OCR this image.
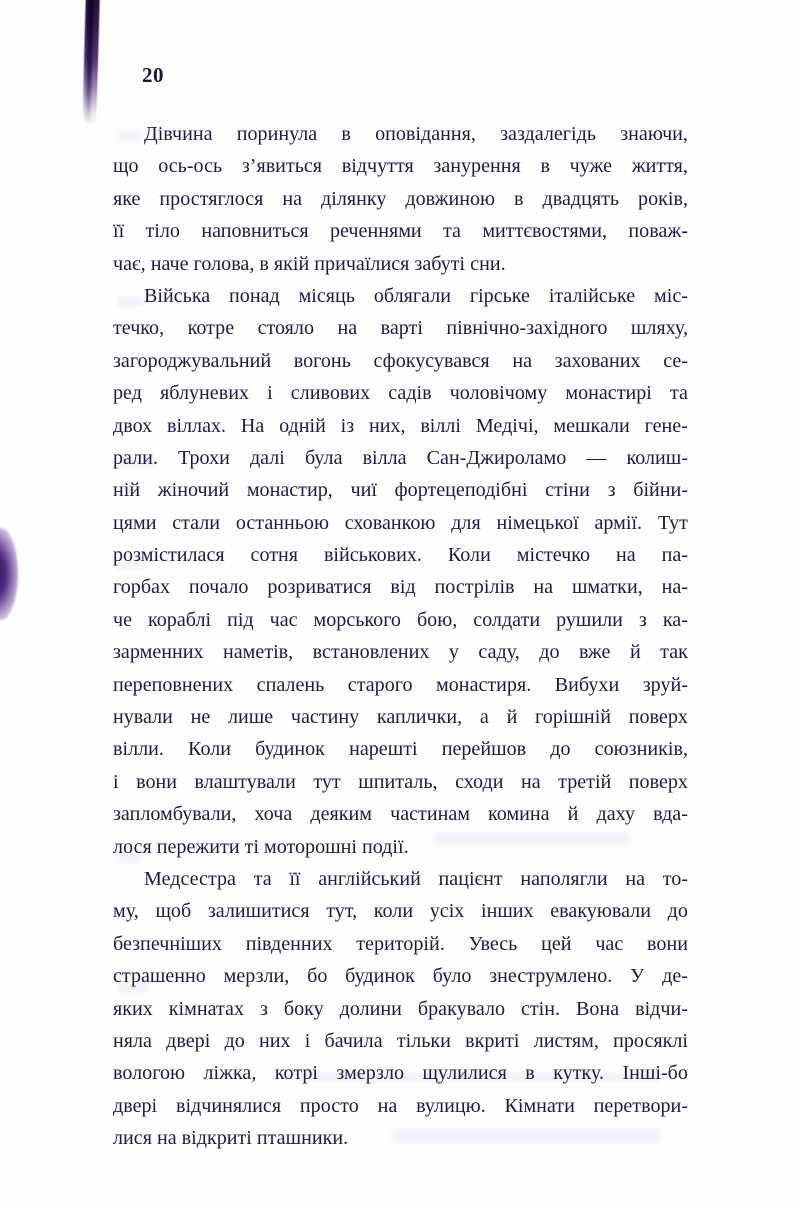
20
Дівчина поринула в оповідання, заздалегідь знаючи,
що ось-ось з’явиться відчуття занурення в чуже життя,
яке простяглося на ділянку довжиною в двадцять років,
її тіло наповниться реченнями та миттєвостями, поваж-
чає, наче голова, в якій причаїлися забуті сни.
Війська понад місяць облягали гірське італійське міс-
течко, котре стояло на варті північно-західного шляху,
загороджувальний вогонь сфокусувався на захованих се-
ред яблуневих і сливових садів чоловічому монастирі та
двох віллах. На одній із них, віллі Медічі, мешкали гене-
рали. Трохи далі була вілла Сан-Джироламо — колиш-
ній жіночий монастир, чиї фортецеподібні стіни з бійни-
цями стали останньою схованкою для німецької армії. Тут
розмістилася сотня військових. Коли містечко на па-
горбах почало розриватися від пострілів на шматки, на-
че кораблі під час морського бою, солдати рушили з ка-
зарменних наметів, встановлених у саду, до вже й так
переповнених спалень старого монастиря. Вибухи зруй-
нували не лише частину каплички, а й горішній поверх
вілли. Коли будинок нарешті перейшов до союзників,
і вони влаштували тут шпиталь, сходи на третій поверх
запломбували, хоча деяким частинам комина й даху вда-
лося пережити ті моторошні події.
Медсестра та її англійський пацієнт наполягли на то-
му, щоб залишитися тут, коли усіх інших евакуювали до
безпечніших південних територій. Увесь цей час вони
страшенно мерзли, бо будинок було знеструмлено. У де-
яких кімнатах з боку долини бракувало стін. Вона відчи-
няла двері до них і бачила тільки вкриті листям, просяклі
вологою ліжка, котрі змерзло щулилися в кутку. Інші-бо
двері відчинялися просто на вулицю. Кімнати перетвори-
лися на відкриті пташники.
